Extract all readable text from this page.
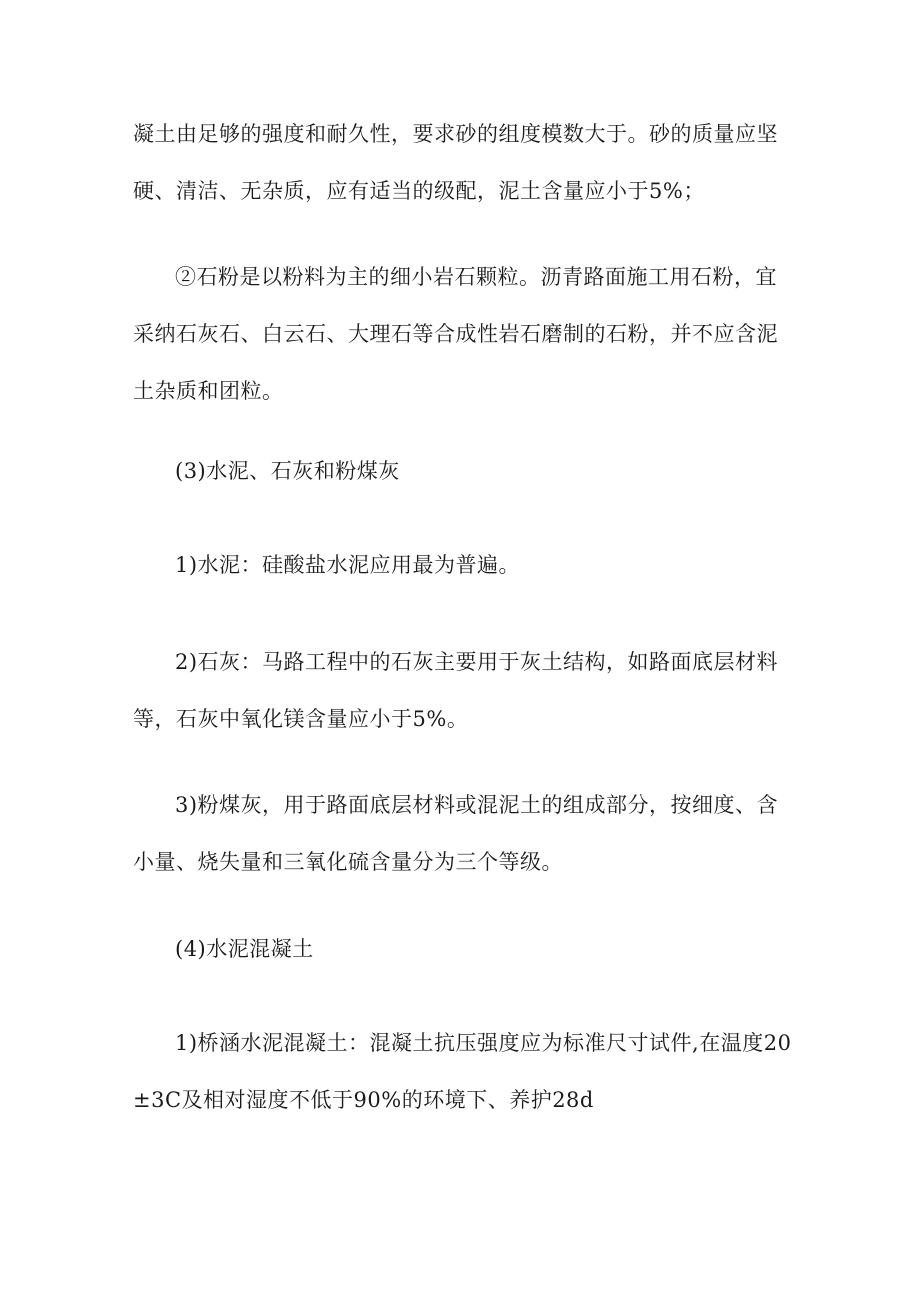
凝土由足够的强度和耐久性，要求砂的组度模数大于。砂的质量应坚硬、清洁、无杂质，应有适当的级配，泥土含量应小于5%；

②石粉是以粉料为主的细小岩石颗粒。沥青路面施工用石粉，宜采纳石灰石、白云石、大理石等合成性岩石磨制的石粉，并不应含泥土杂质和团粒。

(3)水泥、石灰和粉煤灰

1)水泥：硅酸盐水泥应用最为普遍。

2)石灰：马路工程中的石灰主要用于灰土结构，如路面底层材料等，石灰中氧化镁含量应小于5%。

3)粉煤灰，用于路面底层材料或混泥土的组成部分，按细度、含小量、烧失量和三氧化硫含量分为三个等级。

(4)水泥混凝土

1)桥涵水泥混凝土：混凝土抗压强度应为标准尺寸试件,在温度20±3C及相对湿度不低于90%的环境下、养护28d
